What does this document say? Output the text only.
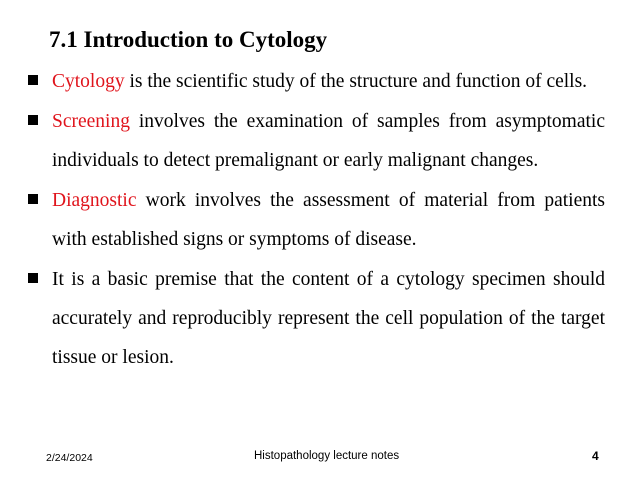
7.1 Introduction to Cytology
Cytology is the scientific study of the structure and function of cells.
Screening involves the examination of samples from asymptomatic individuals to detect premalignant or early malignant changes.
Diagnostic work involves the assessment of material from patients with established signs or symptoms of disease.
It is a basic premise that the content of a cytology specimen should accurately and reproducibly represent the cell population of the target tissue or lesion.
2/24/2024	Histopathology lecture notes	4
